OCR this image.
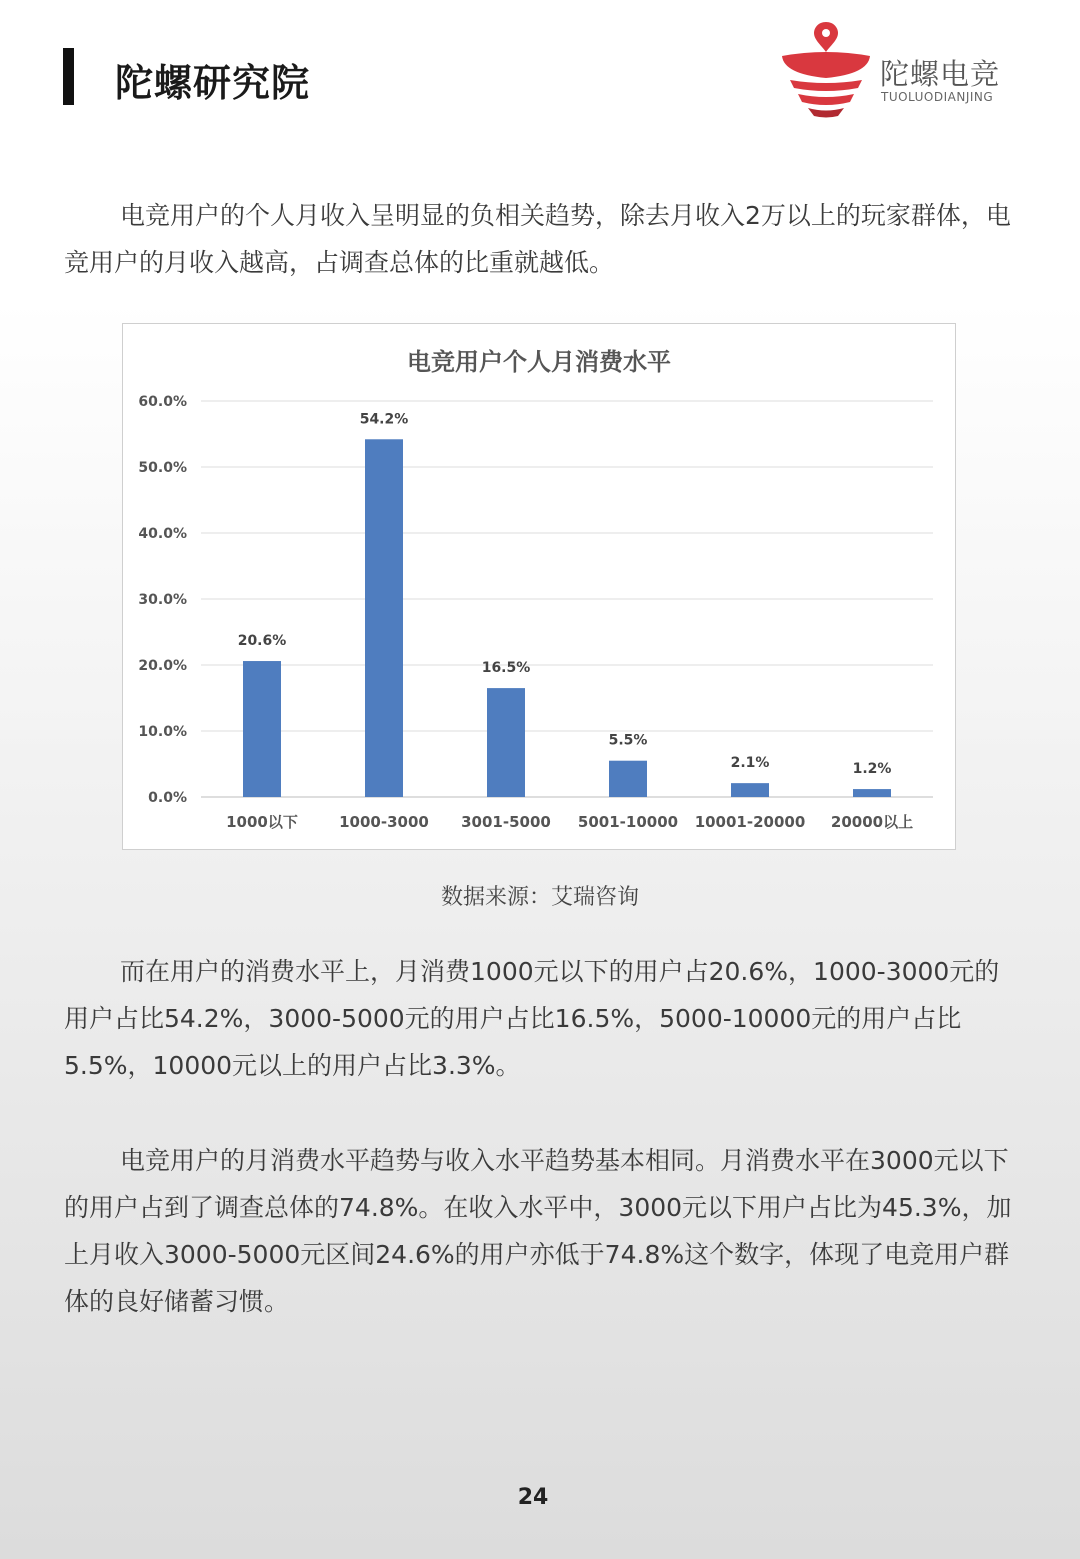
陀螺研究院	陀螺电竞
TUOLUODIANJING
电竞用户的个人月收入呈明显的负相关趋势，除去月收入2万以上的玩家群体，电竞用户的月收入越高，占调查总体的比重就越低。
电竞用户个人月消费水平
0.0%
10.0%
20.0%
30.0%
40.0%
50.0%
60.0%
20.6%
1000以下
54.2%
1000-3000
16.5%
3001-5000
5.5%
5001-10000
2.1%
10001-20000
1.2%
20000以上
数据来源：艾瑞咨询
而在用户的消费水平上，月消费1000元以下的用户占20.6%，1000-3000元的用户占比54.2%，3000-5000元的用户占比16.5%，5000-10000元的用户占比5.5%，10000元以上的用户占比3.3%。
电竞用户的月消费水平趋势与收入水平趋势基本相同。月消费水平在3000元以下的用户占到了调查总体的74.8%。在收入水平中，3000元以下用户占比为45.3%，加上月收入3000-5000元区间24.6%的用户亦低于74.8%这个数字，体现了电竞用户群体的良好储蓄习惯。
24
